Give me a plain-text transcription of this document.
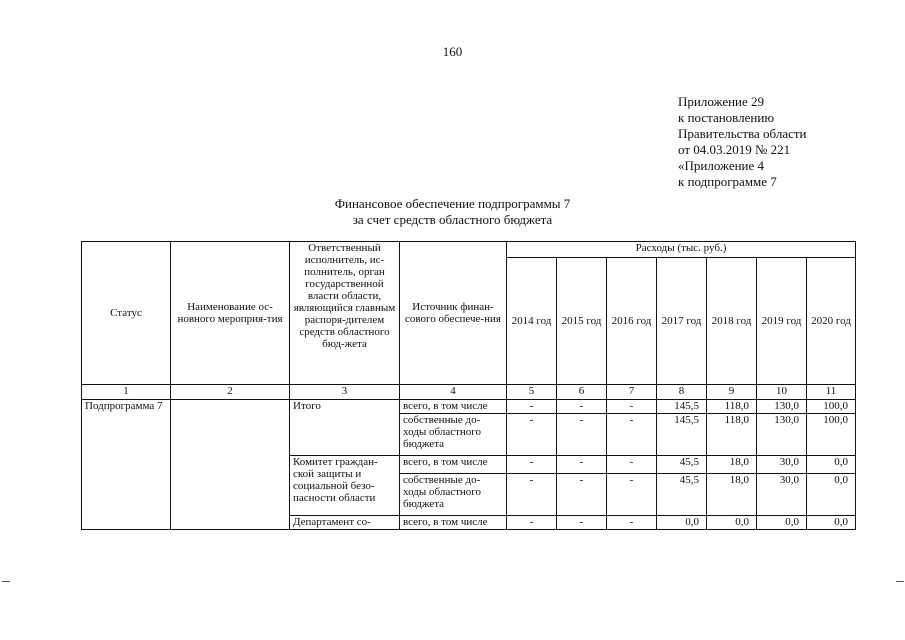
160
Приложение 29
к постановлению
Правительства области
от 04.03.2019 № 221
«Приложение 4
к подпрограмме 7
Финансовое обеспечение подпрограммы 7
за счет средств областного бюджета
Статус	Наименование ос-новного мероприя-тия	Ответственный исполнитель, ис-полнитель, орган государственной власти области, являющийся главным распоря-дителем средств областного бюд-жета	Источник финан-сового обеспече-ния	Расходы (тыс. руб.)						
				2014 год	2015 год	2016 год	2017 год	2018 год	2019 год	2020 год
1	2	3	4	5	6	7	8	9	10	11
Подпрограмма 7		Итого	всего, в том числе	-	-	-	145,5	118,0	130,0	100,0
			собственные до-ходы областного бюджета	-	-	-	145,5	118,0	130,0	100,0
		Комитет граждан-ской защиты и социальной безо-пасности области	всего, в том числе	-	-	-	45,5	18,0	30,0	0,0
			собственные до-ходы областного бюджета	-	-	-	45,5	18,0	30,0	0,0
		Департамент со-	всего, в том числе	-	-	-	0,0	0,0	0,0	0,0
